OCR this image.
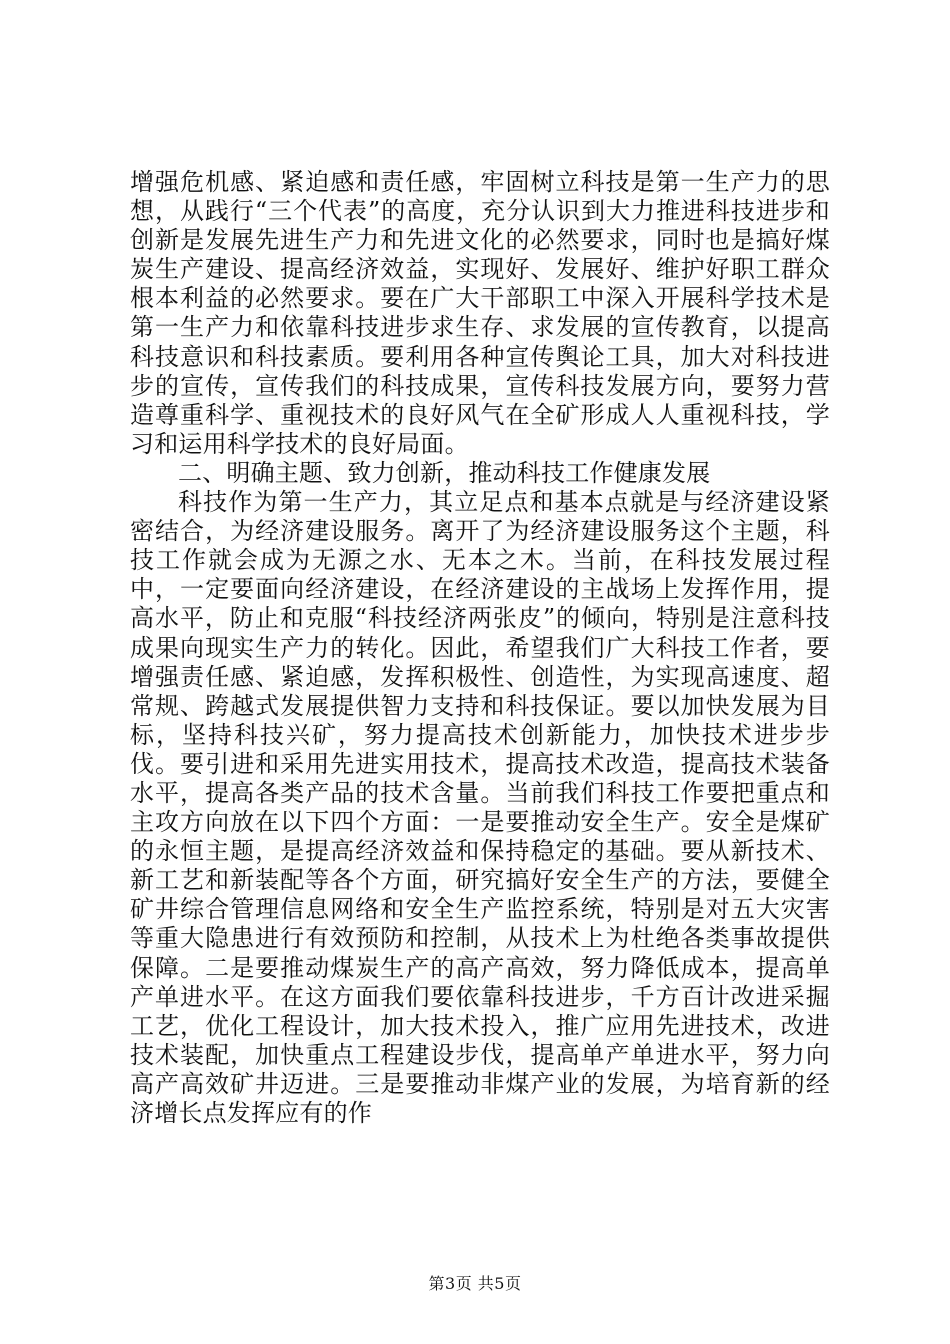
增强危机感、紧迫感和责任感，牢固树立科技是第一生产力的思想，从践行“三个代表”的高度，充分认识到大力推进科技进步和创新是发展先进生产力和先进文化的必然要求，同时也是搞好煤炭生产建设、提高经济效益，实现好、发展好、维护好职工群众根本利益的必然要求。要在广大干部职工中深入开展科学技术是第一生产力和依靠科技进步求生存、求发展的宣传教育，以提高科技意识和科技素质。要利用各种宣传舆论工具，加大对科技进步的宣传，宣传我们的科技成果，宣传科技发展方向，要努力营造尊重科学、重视技术的良好风气在全矿形成人人重视科技，学习和运用科学技术的良好局面。

二、明确主题、致力创新，推动科技工作健康发展

科技作为第一生产力，其立足点和基本点就是与经济建设紧密结合，为经济建设服务。离开了为经济建设服务这个主题，科技工作就会成为无源之水、无本之木。当前，在科技发展过程中，一定要面向经济建设，在经济建设的主战场上发挥作用，提高水平，防止和克服“科技经济两张皮”的倾向，特别是注意科技成果向现实生产力的转化。因此，希望我们广大科技工作者，要增强责任感、紧迫感，发挥积极性、创造性，为实现高速度、超常规、跨越式发展提供智力支持和科技保证。要以加快发展为目标，坚持科技兴矿，努力提高技术创新能力，加快技术进步步伐。要引进和采用先进实用技术，提高技术改造，提高技术装备水平，提高各类产品的技术含量。当前我们科技工作要把重点和主攻方向放在以下四个方面：一是要推动安全生产。安全是煤矿的永恒主题，是提高经济效益和保持稳定的基础。要从新技术、新工艺和新装配等各个方面，研究搞好安全生产的方法，要健全矿井综合管理信息网络和安全生产监控系统，特别是对五大灾害等重大隐患进行有效预防和控制，从技术上为杜绝各类事故提供保障。二是要推动煤炭生产的高产高效，努力降低成本，提高单产单进水平。在这方面我们要依靠科技进步，千方百计改进采掘工艺，优化工程设计，加大技术投入，推广应用先进技术，改进技术装配，加快重点工程建设步伐，提高单产单进水平，努力向高产高效矿井迈进。三是要推动非煤产业的发展，为培育新的经济增长点发挥应有的作

第3页 共5页
